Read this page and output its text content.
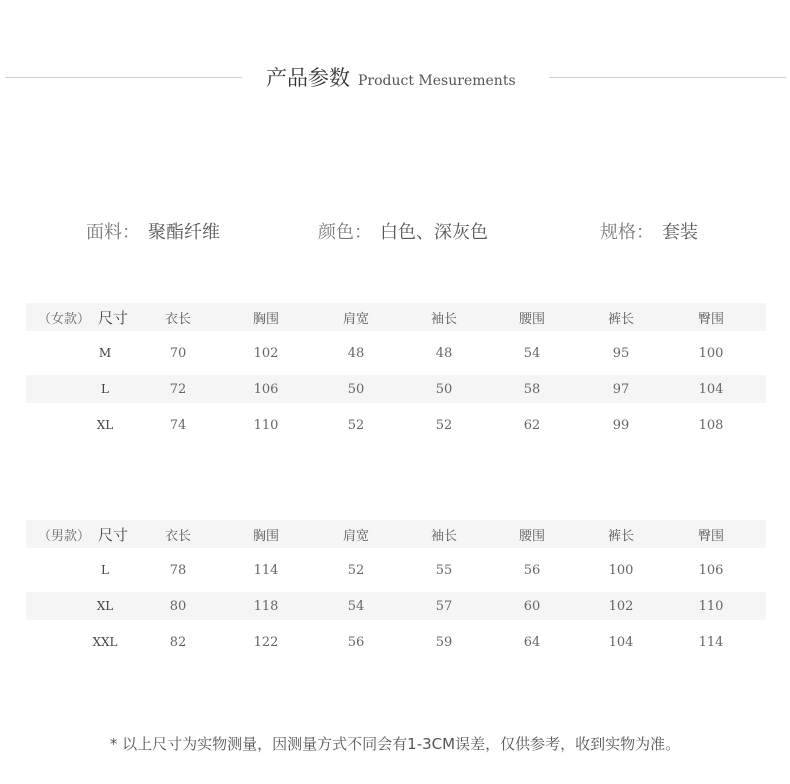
产品参数 Product Mesurements
面料： 聚酯纤维	颜色： 白色、深灰色	规格： 套装
（女款） 尺寸	衣长	胸围	肩宽	袖长	腰围	裤长	臀围
M	70	102	48	48	54	95	100
L	72	106	50	50	58	97	104
XL	74	110	52	52	62	99	108
（男款） 尺寸	衣长	胸围	肩宽	袖长	腰围	裤长	臀围
L	78	114	52	55	56	100	106
XL	80	118	54	57	60	102	110
XXL	82	122	56	59	64	104	114
* 以上尺寸为实物测量，因测量方式不同会有1-3CM误差，仅供参考，收到实物为准。
